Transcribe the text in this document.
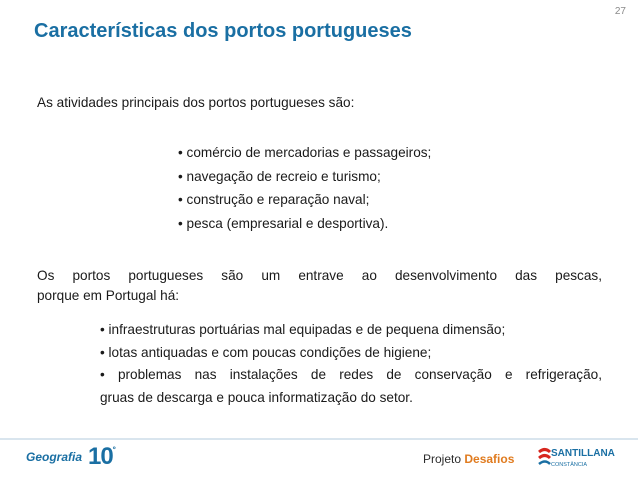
27
Características dos portos portugueses
As atividades principais dos portos portugueses são:
• comércio de mercadorias e passageiros;
• navegação de recreio e turismo;
• construção e reparação naval;
• pesca (empresarial e desportiva).
Os portos portugueses são um entrave ao desenvolvimento das pescas,
porque em Portugal há:
• infraestruturas portuárias mal equipadas e de pequena dimensão;
• lotas antiquadas e com poucas condições de higiene;
• problemas nas instalações de redes de conservação e refrigeração,
gruas de descarga e pouca informatização do setor.
Geografia $10^º$
Projeto Desafios	SANTILLANA
CONSTÂNCIA
